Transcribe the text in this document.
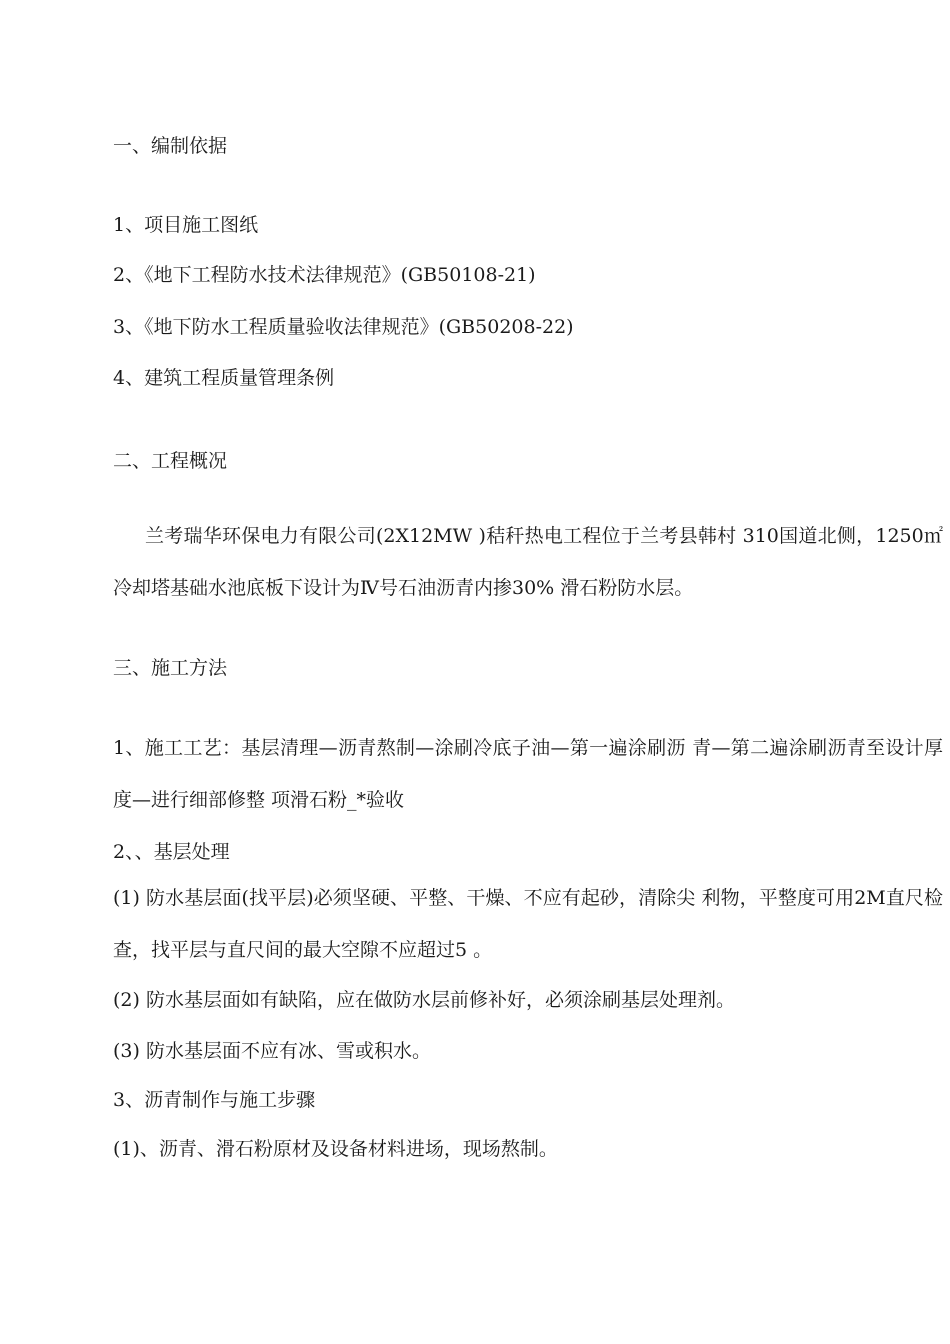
一、编制依据
1、项目施工图纸
2、《地下工程防水技术法律规范》(GB50108-21)
3、《地下防水工程质量验收法律规范》(GB50208-22)
4、建筑工程质量管理条例
二、工程概况
兰考瑞华环保电力有限公司(2X12MW )秸秆热电工程位于兰考县韩村 310国道北侧，1250㎡冷却塔基础水池底板下设计为Ⅳ号石油沥青内掺30% 滑石粉防水层。
三、施工方法
1、施工工艺：基层清理—沥青熬制—涂刷冷底子油—第一遍涂刷沥 青—第二遍涂刷沥青至设计厚度—进行细部修整 项滑石粉_*验收
2、、基层处理
(1) 防水基层面(找平层)必须坚硬、平整、干燥、不应有起砂，清除尖 利物，平整度可用2M直尺检查，找平层与直尺间的最大空隙不应超过5 。
(2) 防水基层面如有缺陷，应在做防水层前修补好，必须涂刷基层处理剂。
(3) 防水基层面不应有冰、雪或积水。
3、沥青制作与施工步骤
(1)、沥青、滑石粉原材及设备材料进场，现场熬制。
